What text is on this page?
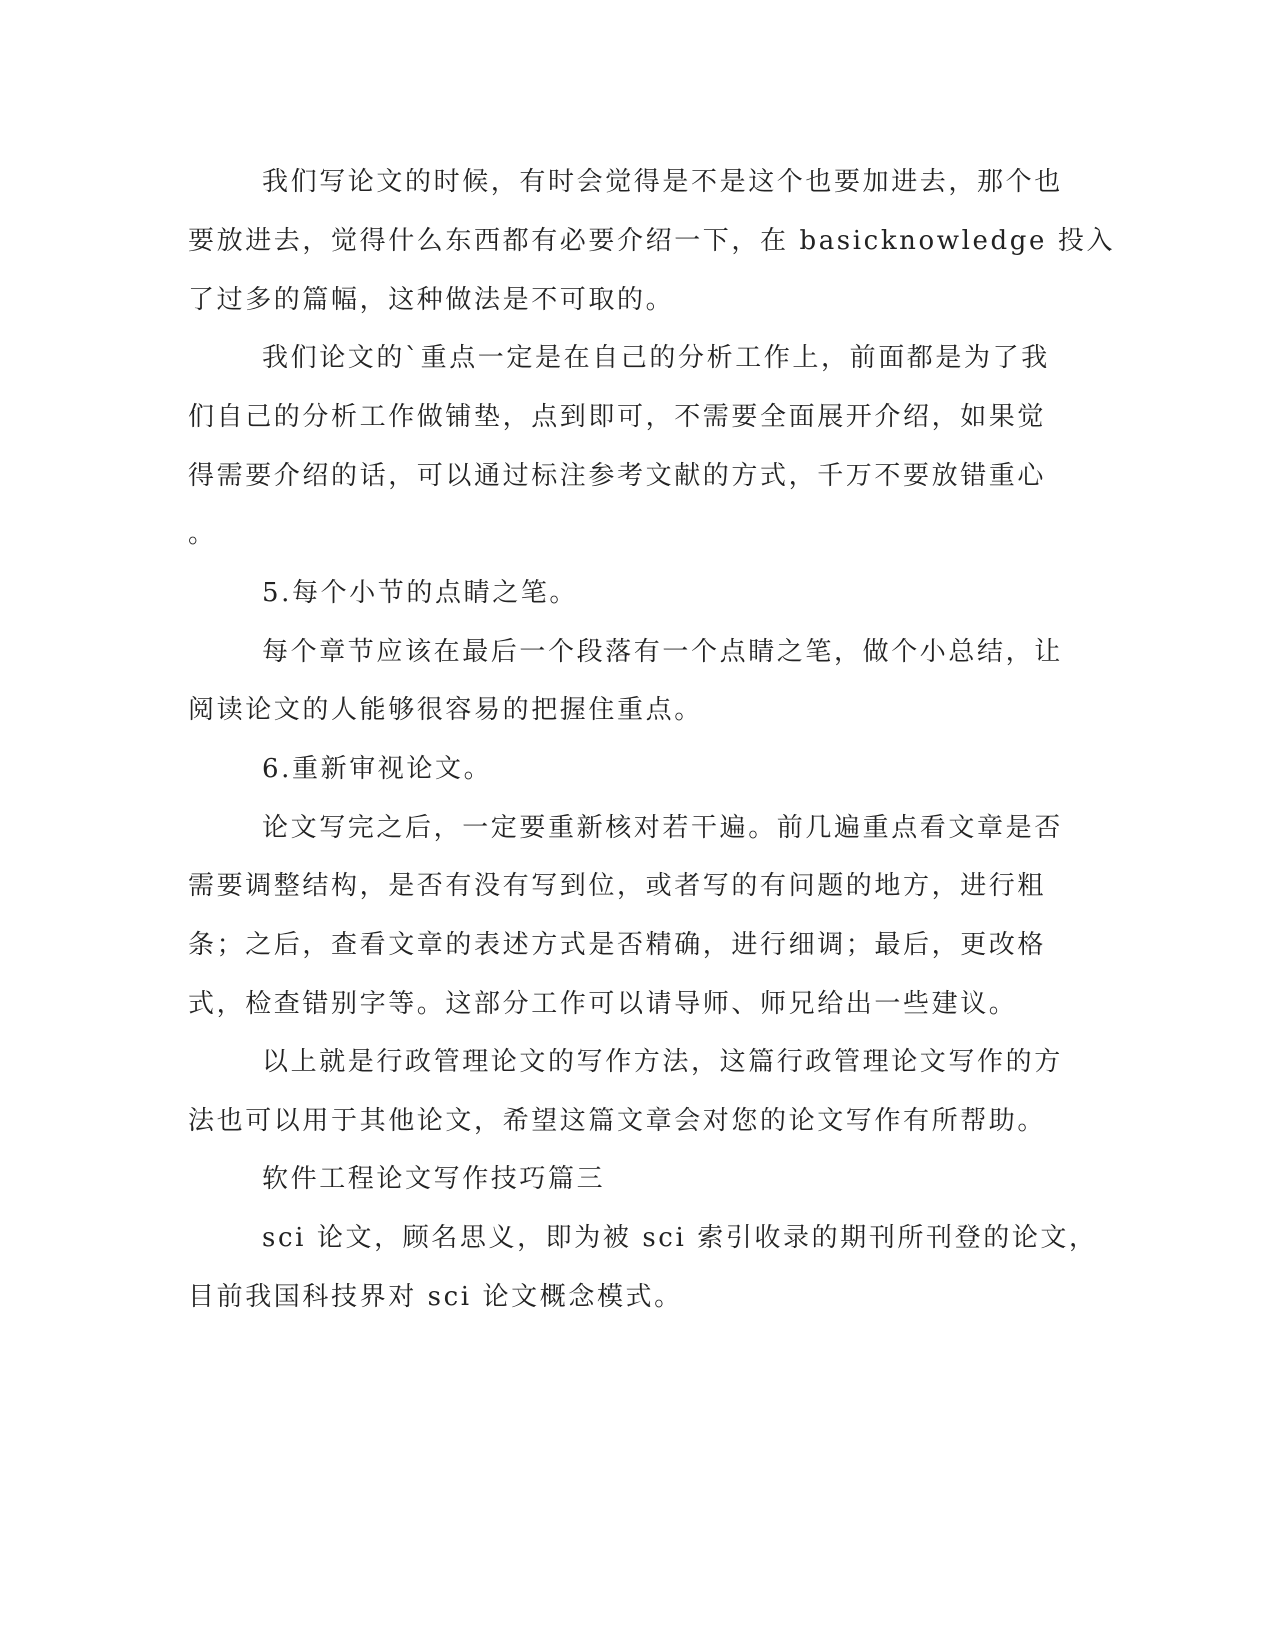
我们写论文的时候，有时会觉得是不是这个也要加进去，那个也

要放进去，觉得什么东西都有必要介绍一下，在 basicknowledge 投入

了过多的篇幅，这种做法是不可取的。

我们论文的`重点一定是在自己的分析工作上，前面都是为了我

们自己的分析工作做铺垫，点到即可，不需要全面展开介绍，如果觉

得需要介绍的话，可以通过标注参考文献的方式，千万不要放错重心

。

5.每个小节的点睛之笔。

每个章节应该在最后一个段落有一个点睛之笔，做个小总结，让

阅读论文的人能够很容易的把握住重点。

6.重新审视论文。

论文写完之后，一定要重新核对若干遍。前几遍重点看文章是否

需要调整结构，是否有没有写到位，或者写的有问题的地方，进行粗

条；之后，查看文章的表述方式是否精确，进行细调；最后，更改格

式，检查错别字等。这部分工作可以请导师、师兄给出一些建议。

以上就是行政管理论文的写作方法，这篇行政管理论文写作的方

法也可以用于其他论文，希望这篇文章会对您的论文写作有所帮助。

软件工程论文写作技巧篇三

sci 论文，顾名思义，即为被 sci 索引收录的期刊所刊登的论文，

目前我国科技界对 sci 论文概念模式。
